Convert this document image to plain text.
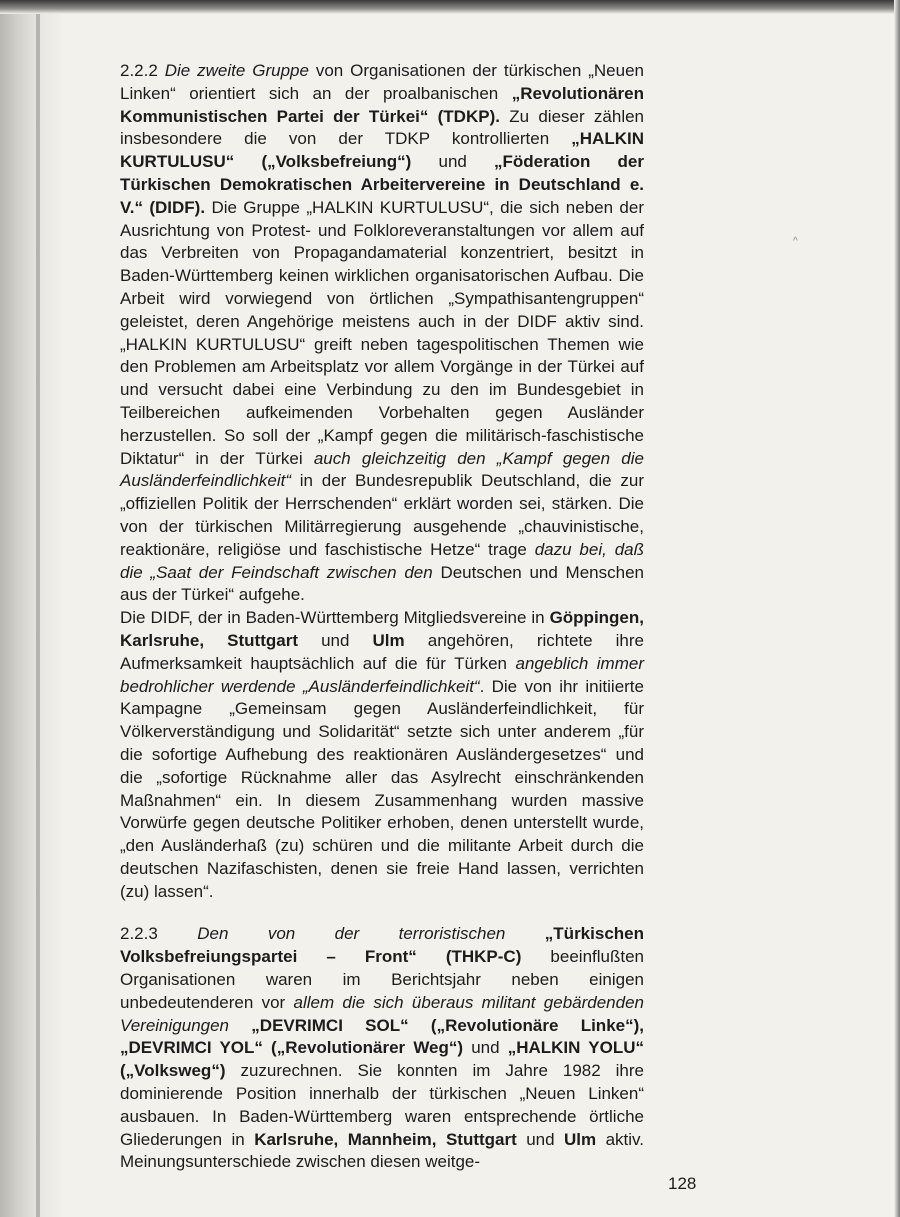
^

2.2.2 Die zweite Gruppe von Organisationen der türkischen „Neuen Linken“ orientiert sich an der proalbanischen „Revolutionären Kommunistischen Partei der Türkei“ (TDKP). Zu dieser zählen insbesondere die von der TDKP kontrollierten „HALKIN KURTULUSU“ („Volksbefreiung“) und „Föderation der Türkischen Demokratischen Arbeitervereine in Deutschland e. V.“ (DIDF). Die Gruppe „HALKIN KURTULUSU“, die sich neben der Ausrichtung von Protest- und Folkloreveranstaltungen vor allem auf das Verbreiten von Propagandamaterial konzentriert, besitzt in Baden-Württemberg keinen wirklichen organisatorischen Aufbau. Die Arbeit wird vorwiegend von örtlichen „Sympathisantengruppen“ geleistet, deren Angehörige meistens auch in der DIDF aktiv sind. „HALKIN KURTULUSU“ greift neben tagespolitischen Themen wie den Problemen am Arbeitsplatz vor allem Vorgänge in der Türkei auf und versucht dabei eine Verbindung zu den im Bundesgebiet in Teilbereichen aufkeimenden Vorbehalten gegen Ausländer herzustellen. So soll der „Kampf gegen die militärisch-faschistische Diktatur“ in der Türkei auch gleichzeitig den „Kampf gegen die Ausländerfeindlichkeit“ in der Bundesrepublik Deutschland, die zur „offiziellen Politik der Herrschenden“ erklärt worden sei, stärken. Die von der türkischen Militärregierung ausgehende „chauvinistische, reaktionäre, religiöse und faschistische Hetze“ trage dazu bei, daß die „Saat der Feindschaft zwischen den Deutschen und Menschen aus der Türkei“ aufgehe.

Die DIDF, der in Baden-Württemberg Mitgliedsvereine in Göppingen, Karlsruhe, Stuttgart und Ulm angehören, richtete ihre Aufmerksamkeit hauptsächlich auf die für Türken angeblich immer bedrohlicher werdende „Ausländerfeindlichkeit“. Die von ihr initiierte Kampagne „Gemeinsam gegen Ausländerfeindlichkeit, für Völkerverständigung und Solidarität“ setzte sich unter anderem „für die sofortige Aufhebung des reaktionären Ausländergesetzes“ und die „sofortige Rücknahme aller das Asylrecht einschränkenden Maßnahmen“ ein. In diesem Zusammenhang wurden massive Vorwürfe gegen deutsche Politiker erhoben, denen unterstellt wurde, „den Ausländerhaß (zu) schüren und die militante Arbeit durch die deutschen Nazifaschisten, denen sie freie Hand lassen, verrichten (zu) lassen“.

2.2.3 Den von der terroristischen „Türkischen Volksbefreiungspartei – Front“ (THKP-C) beeinflußten Organisationen waren im Berichtsjahr neben einigen unbedeutenderen vor allem die sich überaus militant gebärdenden Vereinigungen „DEVRIMCI SOL“ („Revolutionäre Linke“), „DEVRIMCI YOL“ („Revolutionärer Weg“) und „HALKIN YOLU“ („Volksweg“) zuzurechnen. Sie konnten im Jahre 1982 ihre dominierende Position innerhalb der türkischen „Neuen Linken“ ausbauen. In Baden-Württemberg waren entsprechende örtliche Gliederungen in Karlsruhe, Mannheim, Stuttgart und Ulm aktiv. Meinungsunterschiede zwischen diesen weitge-

128
